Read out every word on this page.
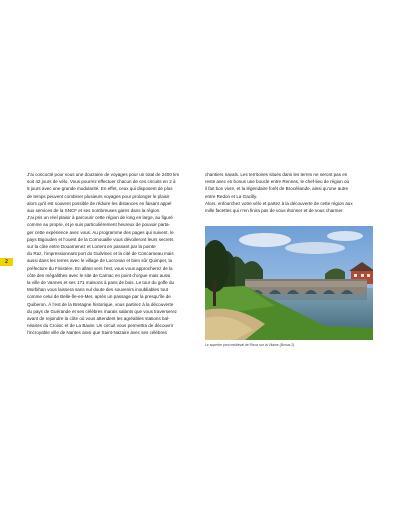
2

J’ai concocté pour vous une douzaine de voyages pour un total de 2400 km

soit 42 jours de vélo. Vous pourrez effectuer chacun de ces circuits en 2 à

5 jours avec une grande modularité. En effet, ceux qui disposent de plus

de temps peuvent combiner plusieurs voyages pour prolonger le plaisir

alors qu’il est souvent possible de réduire les distances en faisant appel

aux services de la SNCF et ses nombreuses gares dans la région.

J’ai pris un réel plaisir à parcourir cette région de long en large, au figuré

comme au propre, et je suis particulièrement heureux de pouvoir parta-

ger cette expérience avec vous. Au programme des pages qui suivent, le

pays Bigouden et l’ouest de la Cornouaille vous dévoileront leurs secrets

sur la côte entre Douarnenez et Lorient en passant par la pointe

du Raz, l’impressionnant port du Guilvinec et la cité de Concarneau mais

aussi dans les terres avec le village de Locronan et bien sûr Quimper, la

préfecture du Finistère. En allant vers l’est, vous vous approcherez de la

côte des mégalithes avec le site de Carnac en point d’orgue mais aussi

la ville de Vannes et ses 171 maisons à pans de bois. Le tour du golfe du

Morbihan vous laissera sans nul doute des souvenirs inoubliables tout

comme celui de Belle-Île-en-Mer, après un passage par la presqu’île de

Quiberon. À l’est de la Bretagne historique, vous partirez à la découverte

du pays de Guérande et ses célèbres marais salants que vous traverserez

avant de rejoindre la côte où vous attendent les agréables stations bal-

néaires du Croisic et de La Baule. Un circuit vous permettra de découvrir

l’incroyable ville de Nantes ainsi que Saint-Nazaire avec ses célèbres

chantiers navals. Les territoires situés dans les terres ne seront pas en

reste avec en bonus une boucle entre Rennes, le chef-lieu de région où

il fait bon vivre, et la légendaire forêt de Brocéliande, ainsi qu’une autre

entre Redon et La Gacilly.

Alors, enfourchez votre vélo et partez à la découverte de cette région aux

mille facettes qui n’en finira pas de vous étonner et de vous charmer.

Le superbe pont médiéval de Rieux sur la Vilaine (Bonus 2).
